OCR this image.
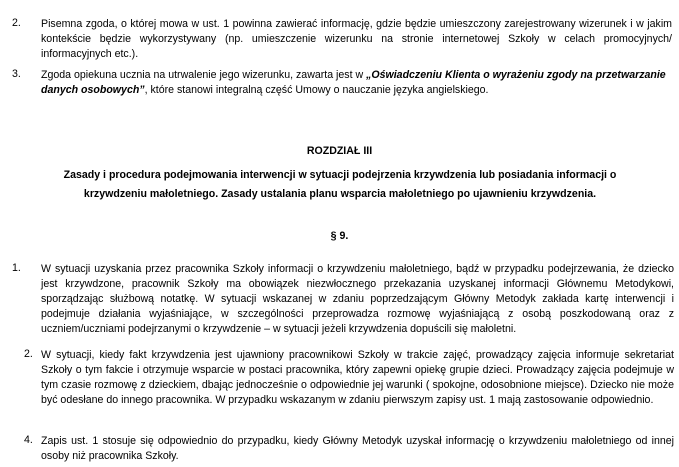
2. Pisemna zgoda, o której mowa w ust. 1 powinna zawierać informację, gdzie będzie umieszczony zarejestrowany wizerunek i w jakim kontekście będzie wykorzystywany (np. umieszczenie wizerunku na stronie internetowej Szkoły w celach promocyjnych/ informacyjnych etc.).
3. Zgoda opiekuna ucznia na utrwalenie jego wizerunku, zawarta jest w „Oświadczeniu Klienta o wyrażeniu zgody na przetwarzanie danych osobowych”, które stanowi integralną część Umowy o nauczanie języka angielskiego.
ROZDZIAŁ III
Zasady i procedura podejmowania interwencji w sytuacji podejrzenia krzywdzenia lub posiadania informacji o krzywdzeniu małoletniego. Zasady ustalania planu wsparcia małoletniego po ujawnieniu krzywdzenia.
§ 9.
1. W sytuacji uzyskania przez pracownika Szkoły informacji o krzywdzeniu małoletniego, bądź w przypadku podejrzewania, że dziecko jest krzywdzone, pracownik Szkoły ma obowiązek niezwłocznego przekazania uzyskanej informacji Głównemu Metodykowi, sporządzając służbową notatkę. W sytuacji wskazanej w zdaniu poprzedzającym Główny Metodyk zakłada kartę interwencji i podejmuje działania wyjaśniające, w szczególności przeprowadza rozmowę wyjaśniającą z osobą poszkodowaną oraz z uczniem/uczniami podejrzanymi o krzywdzenie – w sytuacji jeżeli krzywdzenia dopuścili się małoletni.
2. W sytuacji, kiedy fakt krzywdzenia jest ujawniony pracownikowi Szkoły w trakcie zajęć, prowadzący zajęcia informuje sekretariat Szkoły o tym fakcie i otrzymuje wsparcie w postaci pracownika, który zapewni opiekę grupie dzieci. Prowadzący zajęcia podejmuje w tym czasie rozmowę z dzieckiem, dbając jednocześnie o odpowiednie jej warunki ( spokojne, odosobnione miejsce). Dziecko nie może być odesłane do innego pracownika. W przypadku wskazanym w zdaniu pierwszym zapisy ust. 1 mają zastosowanie odpowiednio.
4. Zapis ust. 1 stosuje się odpowiednio do przypadku, kiedy Główny Metodyk uzyskał informację o krzywdzeniu małoletniego od innej osoby niż pracownika Szkoły.
